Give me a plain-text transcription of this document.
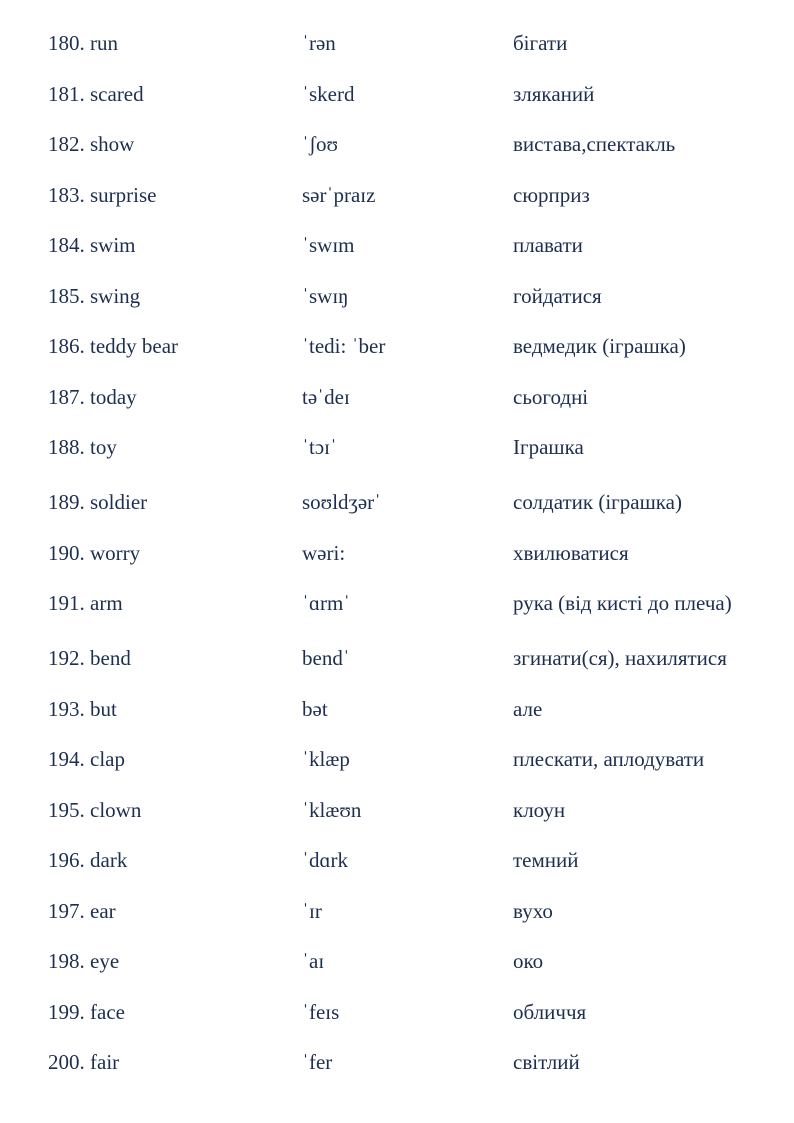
180. run	ˈrən	бігати
181. scared	ˈskerd	зляканий
182. show	ˈʃoʊ	вистава,спектакль
183. surprise	sərˈpraɪz	сюрприз
184. swim	ˈswɪm	плавати
185. swing	ˈswɪŋ	гойдатися
186. teddy bear	ˈtedi: ˈber	ведмедик (іграшка)
187. today	təˈdeɪ	сьогодні
188. toy	ˈtɔɪˈ	Іграшка
189. soldier	soʊldʒərˈ	солдатик (іграшка)
190. worry	wəri:	хвилюватися
191. arm	ˈɑrmˈ	рука (від кисті до плеча)
192. bend	bendˈ	згинати(ся), нахилятися
193. but	bət	але
194. clap	ˈklæp	плескати, аплодувати
195. clown	ˈklæʊn	клоун
196. dark	ˈdɑrk	темний
197. ear	ˈɪr	вухо
198. eye	ˈaɪ	око
199. face	ˈfeɪs	обличчя
200. fair	ˈfer	світлий
